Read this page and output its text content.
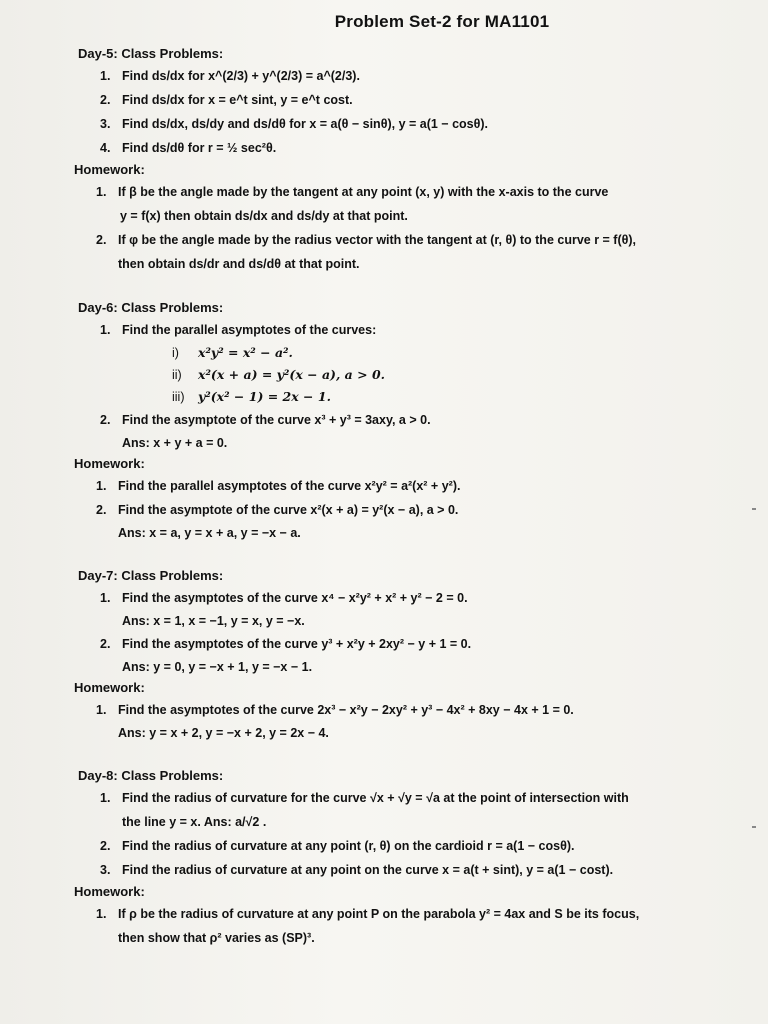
Problem Set-2 for MA1101
Day-5: Class Problems:
1. Find ds/dx for x^(2/3) + y^(2/3) = a^(2/3).
2. Find ds/dx for x = e^t sint, y = e^t cost.
3. Find ds/dx, ds/dy and ds/dθ for x = a(θ − sinθ), y = a(1 − cosθ).
4. Find ds/dθ for r = ½ sec²θ.
Homework:
1. If β be the angle made by the tangent at any point (x, y) with the x-axis to the curve
y = f(x) then obtain ds/dx and ds/dy at that point.
2. If φ be the angle made by the radius vector with the tangent at (r, θ) to the curve r = f(θ),
then obtain ds/dr and ds/dθ at that point.
Day-6: Class Problems:
1. Find the parallel asymptotes of the curves:
i) x²y² = x² − a².
ii) x²(x + a) = y²(x − a), a > 0.
iii) y²(x² − 1) = 2x − 1.
2. Find the asymptote of the curve x³ + y³ = 3axy, a > 0.
Ans: x + y + a = 0.
Homework:
1. Find the parallel asymptotes of the curve x²y² = a²(x² + y²).
2. Find the asymptote of the curve x²(x + a) = y²(x − a), a > 0.
Ans: x = a, y = x + a, y = −x − a.
Day-7: Class Problems:
1. Find the asymptotes of the curve x⁴ − x²y² + x² + y² − 2 = 0.
Ans: x = 1, x = −1, y = x, y = −x.
2. Find the asymptotes of the curve y³ + x²y + 2xy² − y + 1 = 0.
Ans: y = 0, y = −x + 1, y = −x − 1.
Homework:
1. Find the asymptotes of the curve 2x³ − x²y − 2xy² + y³ − 4x² + 8xy − 4x + 1 = 0.
Ans: y = x + 2, y = −x + 2, y = 2x − 4.
Day-8: Class Problems:
1. Find the radius of curvature for the curve √x + √y = √a at the point of intersection with
the line y = x. Ans: a/√2 .
2. Find the radius of curvature at any point (r, θ) on the cardioid r = a(1 − cosθ).
3. Find the radius of curvature at any point on the curve x = a(t + sint), y = a(1 − cost).
Homework:
1. If ρ be the radius of curvature at any point P on the parabola y² = 4ax and S be its focus,
then show that ρ² varies as (SP)³.
